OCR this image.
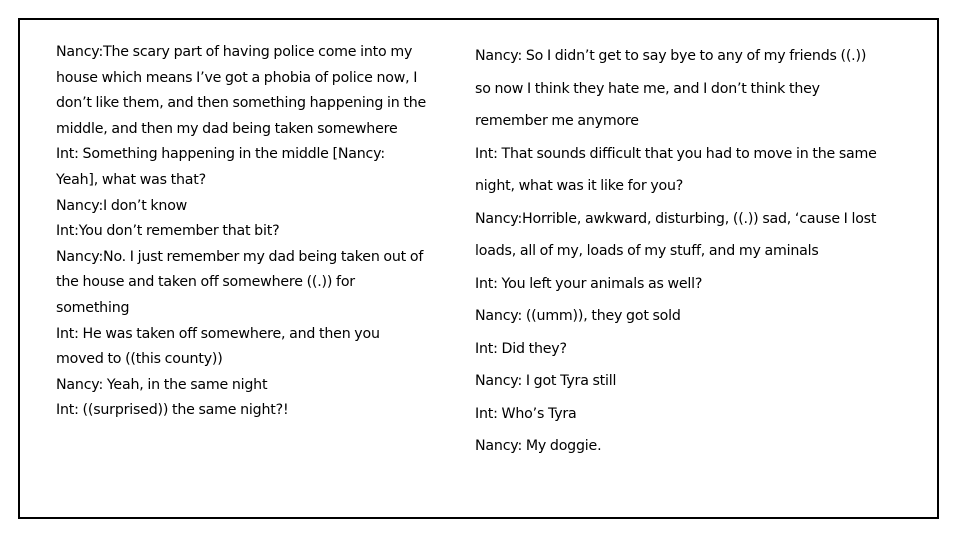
Nancy:The scary part of having police come into my
house which means I’ve got a phobia of police now, I
don’t like them, and then something happening in the
middle, and then my dad being taken somewhere
Int: Something happening in the middle [Nancy:
Yeah], what was that?
Nancy:I don’t know
Int:You don’t remember that bit?
Nancy:No. I just remember my dad being taken out of
the house and taken off somewhere ((.)) for
something
Int: He was taken off somewhere, and then you
moved to ((this county))
Nancy: Yeah, in the same night
Int: ((surprised)) the same night?!
Nancy: So I didn’t get to say bye to any of my friends ((.))
so now I think they hate me, and I don’t think they
remember me anymore
Int: That sounds difficult that you had to move in the same
night, what was it like for you?
Nancy:Horrible, awkward, disturbing, ((.)) sad, ‘cause I lost
loads, all of my, loads of my stuff, and my aminals
Int: You left your animals as well?
Nancy: ((umm)), they got sold
Int: Did they?
Nancy: I got Tyra still
Int: Who’s Tyra
Nancy: My doggie.
